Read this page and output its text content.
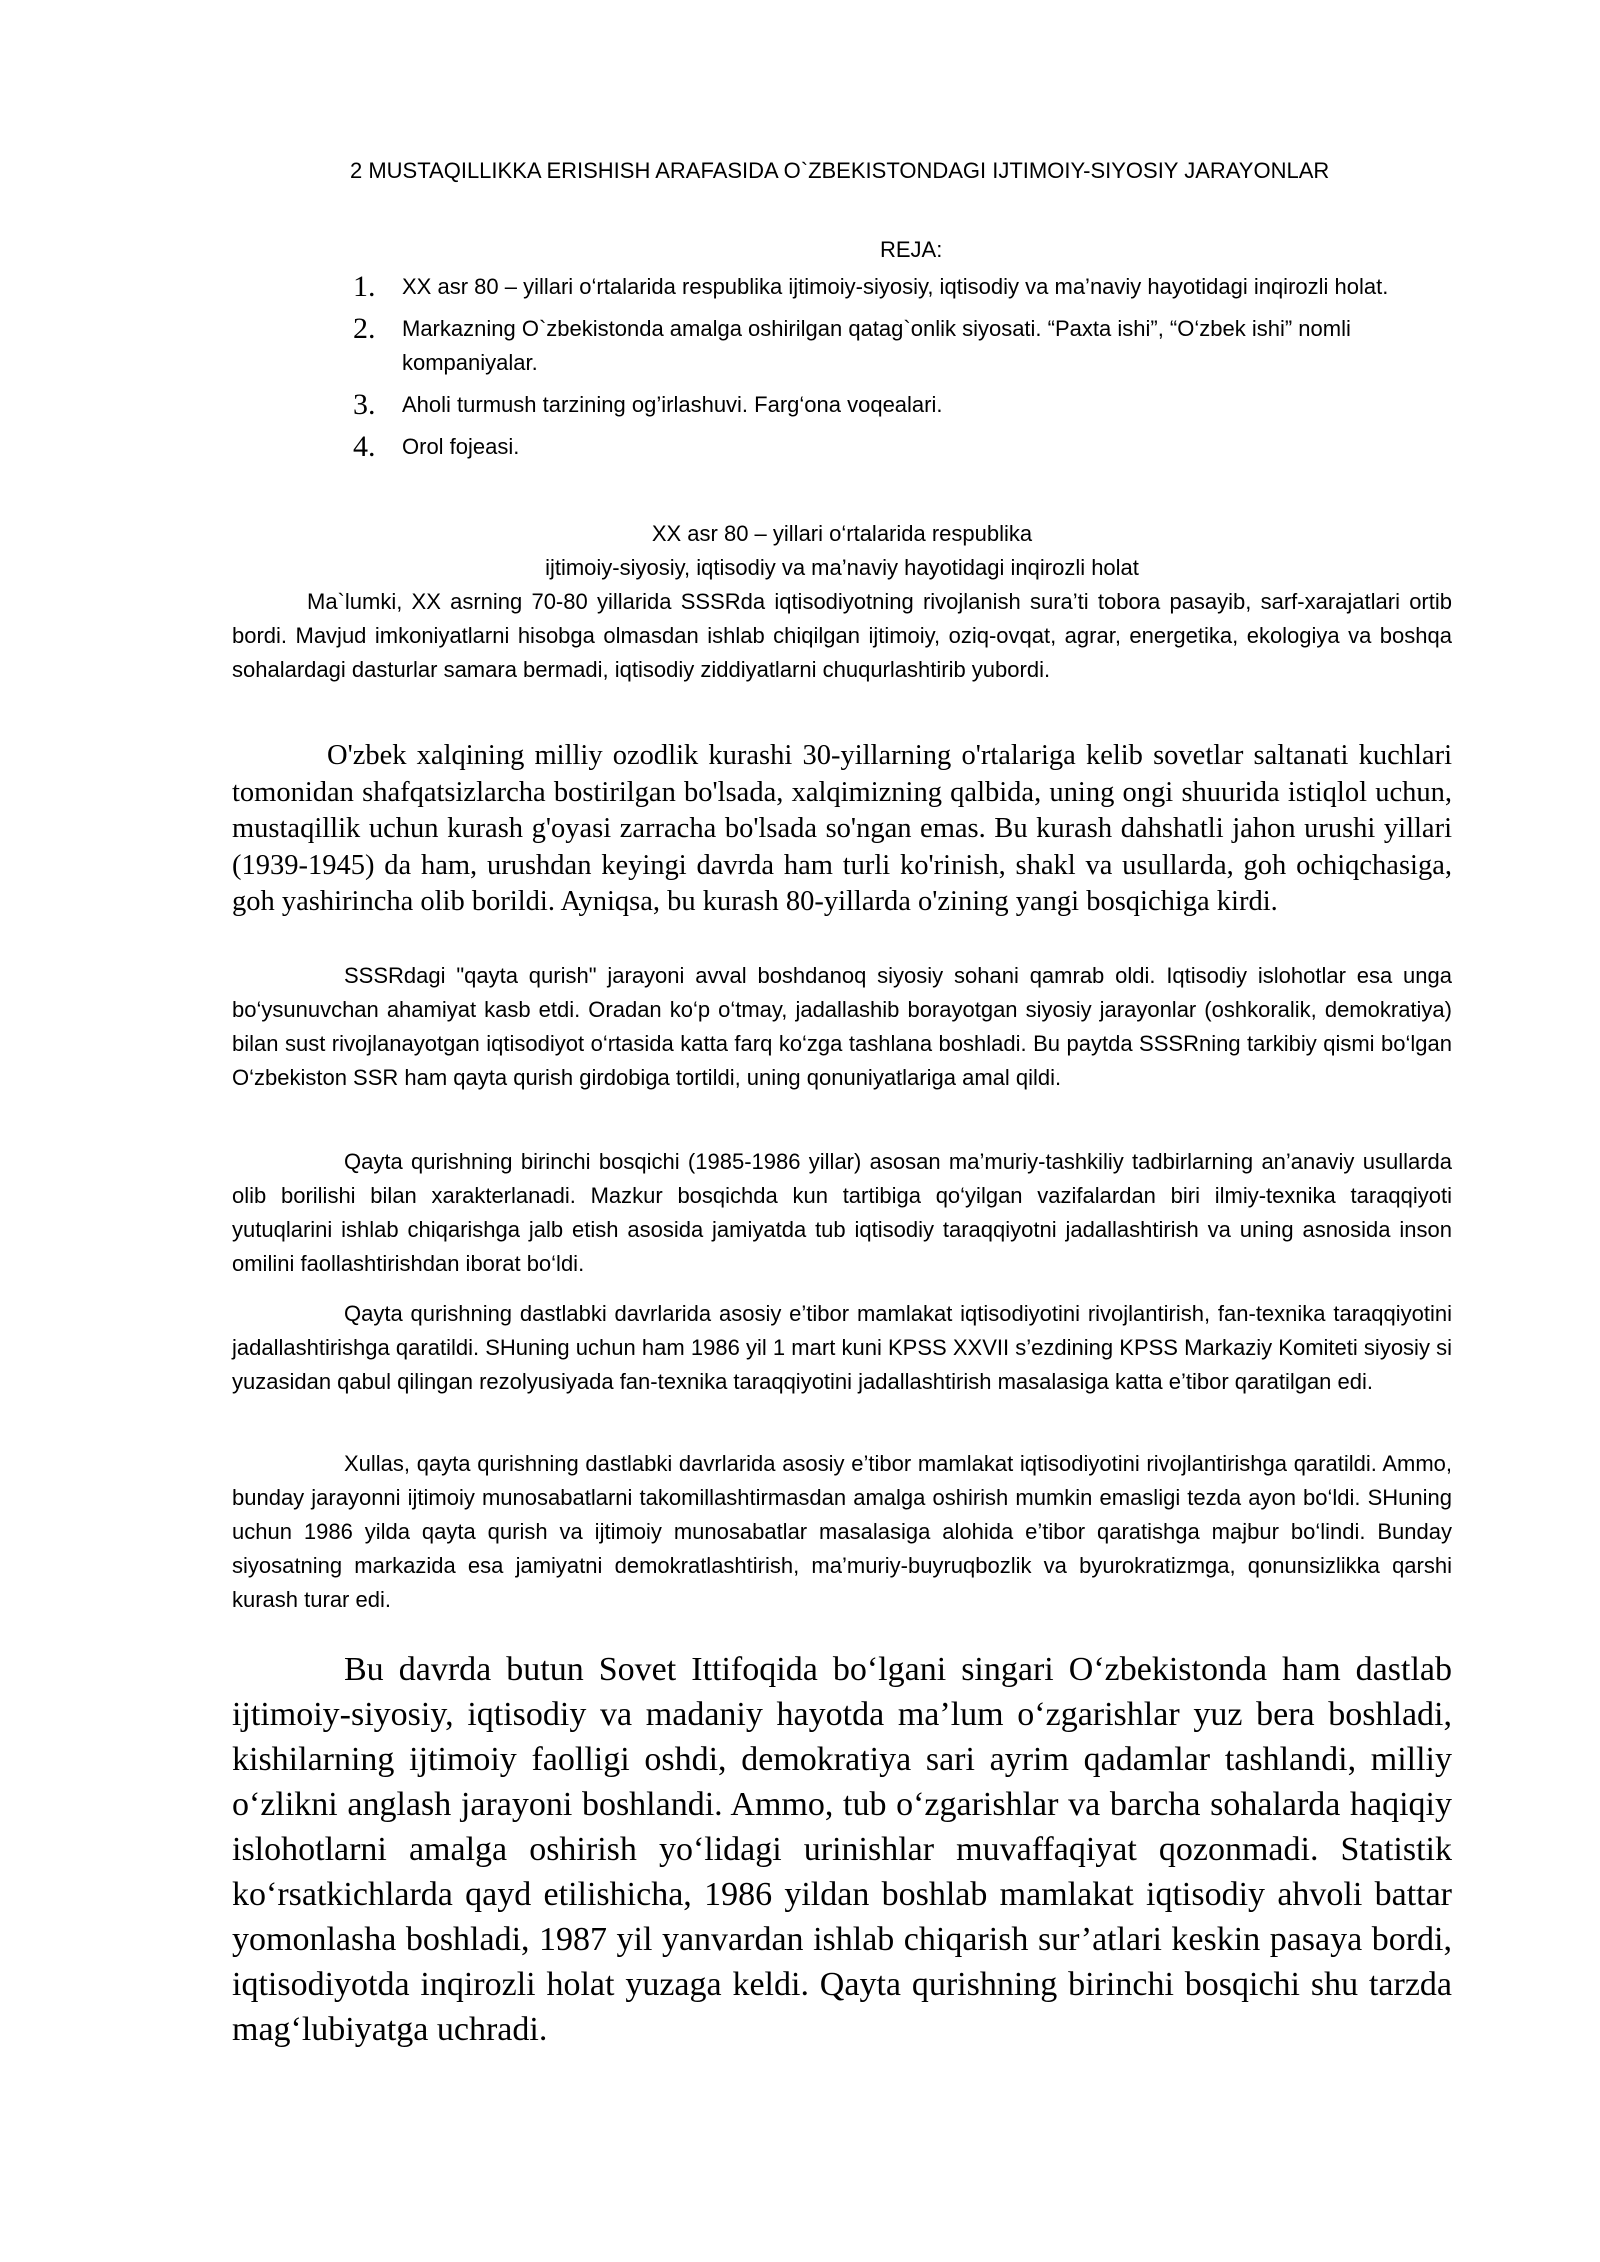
2 MUSTAQILLIKKA ERISHISH ARAFASIDA O`ZBEKISTONDAGI IJTIMOIY-SIYOSIY JARAYONLAR
REJA:
1. XX asr 80 – yillari o‘rtalarida respublika ijtimoiy-siyosiy, iqtisodiy va ma’naviy hayotidagi inqirozli holat.
2. Markazning O`zbekistonda amalga oshirilgan qatag`onlik siyosati. “Paxta ishi”, “O‘zbek ishi” nomli kompaniyalar.
3. Aholi turmush tarzining og’irlashuvi. Farg‘ona voqealari.
4. Orol fojeasi.
XX asr 80 – yillari o‘rtalarida respublika
ijtimoiy-siyosiy, iqtisodiy va ma’naviy hayotidagi inqirozli holat

Ma`lumki, XX asrning 70-80 yillarida SSSRda iqtisodiyotning rivojlanish sura’ti tobora pasayib, sarf-xarajatlari ortib bordi. Mavjud imkoniyatlarni hisobga olmasdan ishlab chiqilgan ijtimoiy, oziq-ovqat, agrar, energetika, ekologiya va boshqa sohalardagi dasturlar samara bermadi, iqtisodiy ziddiyatlarni chuqurlashtirib yubordi.

O'zbek xalqining milliy ozodlik kurashi 30-yillarning o'rtalariga kelib sovetlar saltanati kuchlari tomonidan shafqatsizlarcha bostirilgan bo'lsada, xalqimizning qalbida, uning ongi shuurida istiqlol uchun, mustaqillik uchun kurash g'oyasi zarracha bo'lsada so'ngan emas. Bu kurash dahshatli jahon urushi yillari (1939-1945) da ham, urushdan keyingi davrda ham turli ko'rinish, shakl va usullarda, goh ochiqchasiga, goh yashirincha olib borildi. Ayniqsa, bu kurash 80-yillarda o'zining yangi bosqichiga kirdi.

SSSRdagi "qayta qurish" jarayoni avval boshdanoq siyosiy sohani qamrab oldi. Iqtisodiy islohotlar esa unga bo‘ysunuvchan ahamiyat kasb etdi. Oradan ko‘p o‘tmay, jadallashib borayotgan siyosiy jarayonlar (oshkoralik, demokratiya) bilan sust rivojlanayotgan iqtisodiyot o‘rtasida katta farq ko‘zga tashlana boshladi. Bu paytda SSSRning tarkibiy qismi bo‘lgan O‘zbekiston SSR ham qayta qurish girdobiga tortildi, uning qonuniyatlariga amal qildi.

Qayta qurishning birinchi bosqichi (1985-1986 yillar) asosan ma’muriy-tashkiliy tadbirlarning an’anaviy usullarda olib borilishi bilan xarakterlanadi. Mazkur bosqichda kun tartibiga qo‘yilgan vazifalardan biri ilmiy-texnika taraqqiyoti yutuqlarini ishlab chiqarishga jalb etish asosida jamiyatda tub iqtisodiy taraqqiyotni jadallashtirish va uning asnosida inson omilini faollashtirishdan iborat bo‘ldi.

Qayta qurishning dastlabki davrlarida asosiy e’tibor mamlakat iqtisodiyotini rivojlantirish, fan-texnika taraqqiyotini jadallashtirishga qaratildi. SHuning uchun ham 1986 yil 1 mart kuni KPSS XXVII s’ezdining KPSS Markaziy Komiteti siyosiy si yuzasidan qabul qilingan rezolyusiyada fan-texnika taraqqiyotini jadallashtirish masalasiga katta e’tibor qaratilgan edi.

Xullas, qayta qurishning dastlabki davrlarida asosiy e’tibor mamlakat iqtisodiyotini rivojlantirishga qaratildi. Ammo, bunday jarayonni ijtimoiy munosabatlarni takomillashtirmasdan amalga oshirish mumkin emasligi tezda ayon bo‘ldi. SHuning uchun 1986 yilda qayta qurish va ijtimoiy munosabatlar masalasiga alohida e’tibor qaratishga majbur bo‘lindi. Bunday siyosatning markazida esa jamiyatni demokratlashtirish, ma’muriy-buyruqbozlik va byurokratizmga, qonunsizlikka qarshi kurash turar edi.

Bu davrda butun Sovet Ittifoqida bo‘lgani singari O‘zbekistonda ham dastlab ijtimoiy-siyosiy, iqtisodiy va madaniy hayotda ma’lum o‘zgarishlar yuz bera boshladi, kishilarning ijtimoiy faolligi oshdi, demokratiya sari ayrim qadamlar tashlandi, milliy o‘zlikni anglash jarayoni boshlandi. Ammo, tub o‘zgarishlar va barcha sohalarda haqiqiy islohotlarni amalga oshirish yo‘lidagi urinishlar muvaffaqiyat qozonmadi. Statistik ko‘rsatkichlarda qayd etilishicha, 1986 yildan boshlab mamlakat iqtisodiy ahvoli battar yomonlasha boshladi, 1987 yil yanvardan ishlab chiqarish sur’atlari keskin pasaya bordi, iqtisodiyotda inqirozli holat yuzaga keldi. Qayta qurishning birinchi bosqichi shu tarzda mag‘lubiyatga uchradi.
